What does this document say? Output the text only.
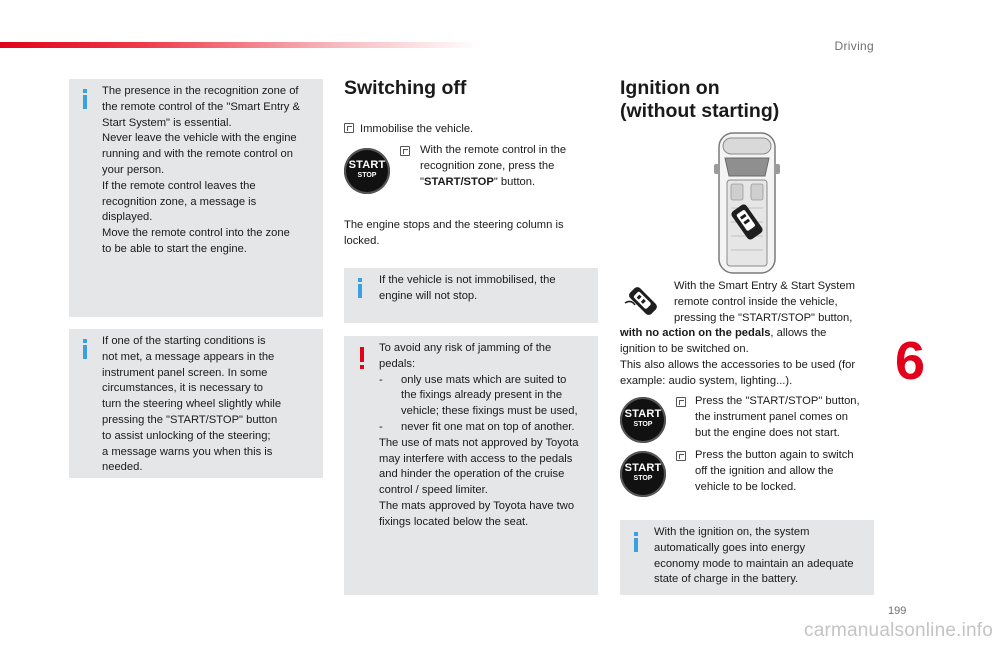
Driving
6
199
carmanualsonline.info

The presence in the recognition zone of
the remote control of the "Smart Entry &
Start System" is essential.
Never leave the vehicle with the engine
running and with the remote control on
your person.
If the remote control leaves the
recognition zone, a message is
displayed.
Move the remote control into the zone
to be able to start the engine.

If one of the starting conditions is
not met, a message appears in the
instrument panel screen. In some
circumstances, it is necessary to
turn the steering wheel slightly while
pressing the "START/STOP" button
to assist unlocking of the steering;
a message warns you when this is
needed.

Switching off
Immobilise the vehicle.
START
STOP

With the remote control in the
recognition zone, press the
"START/STOP" button.

The engine stops and the steering column is
locked.

If the vehicle is not immobilised, the
engine will not stop.

To avoid any risk of jamming of the
pedals:

- only use mats which are suited to
the fixings already present in the
vehicle; these fixings must be used,

- never fit one mat on top of another.

The use of mats not approved by Toyota
may interfere with access to the pedals
and hinder the operation of the cruise
control / speed limiter.
The mats approved by Toyota have two
fixings located below the seat.

Ignition on
(without starting)

With the Smart Entry & Start System
remote control inside the vehicle,
pressing the "START/STOP" button,

with no action on the pedals, allows the
ignition to be switched on.
This also allows the accessories to be used (for
example: audio system, lighting...).

START
STOP

Press the "START/STOP" button,
the instrument panel comes on
but the engine does not start.

START
STOP

Press the button again to switch
off the ignition and allow the
vehicle to be locked.

With the ignition on, the system
automatically goes into energy
economy mode to maintain an adequate
state of charge in the battery.
